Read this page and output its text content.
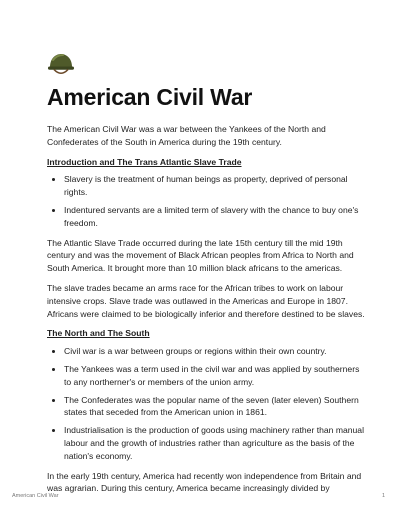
American Civil War

The American Civil War was a war between the Yankees of the North and Confederates of the South in America during the 19th century.

Introduction and The Trans Atlantic Slave Trade
• Slavery is the treatment of human beings as property, deprived of personal rights.
• Indentured servants are a limited term of slavery with the chance to buy one's freedom.

The Atlantic Slave Trade occurred during the late 15th century till the mid 19th century and was the movement of Black African peoples from Africa to North and South America. It brought more than 10 million black africans to the americas.

The slave trades became an arms race for the African tribes to work on labour intensive crops. Slave trade was outlawed in the Americas and Europe in 1807. Africans were claimed to be biologically inferior and therefore destined to be slaves.

The North and The South
• Civil war is a war between groups or regions within their own country.
• The Yankees was a term used in the civil war and was applied by southerners to any northerner's or members of the union army.
• The Confederates was the popular name of the seven (later eleven) Southern states that seceded from the American union in 1861.
• Industrialisation is the production of goods using machinery rather than manual labour and the growth of industries rather than agriculture as the basis of the nation's economy.

In the early 19th century, America had recently won independence from Britain and was agrarian. During this century, America became increasingly divided by

American Civil War	1
